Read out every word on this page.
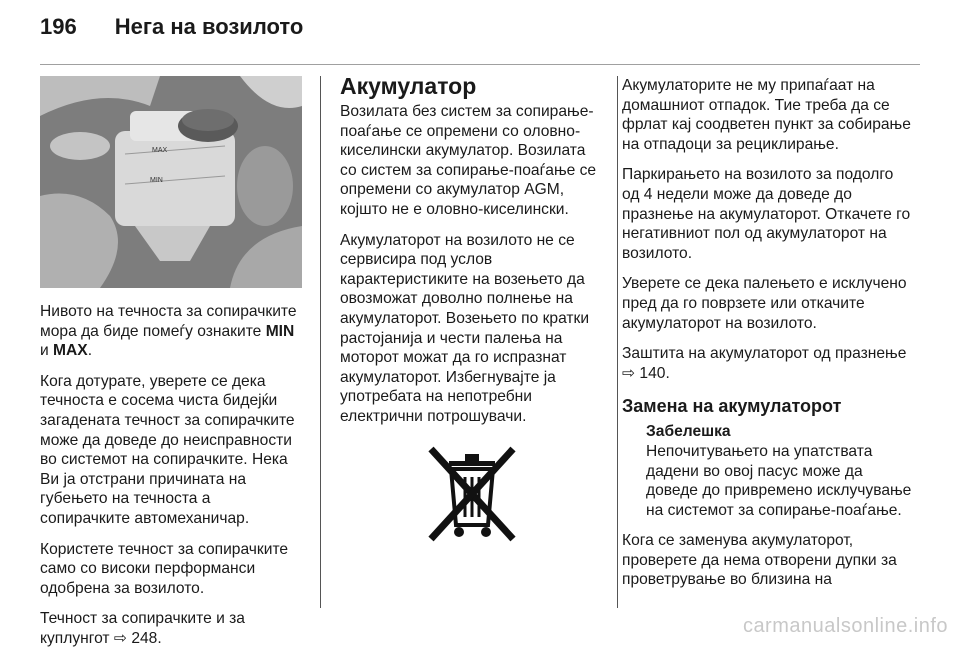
196 Нега на возилото
MAX
MIN

Нивото на течноста за сопирачките мора да биде помеѓу ознаките MIN и MAX.

Кога дотурате, уверете се дека течноста е сосема чиста бидејќи загадената течност за сопирачките може да доведе до неисправности во системот на сопирачките. Нека Ви ја отстрани причината на губењето на течноста а сопирачките автомеханичар.

Користете течност за сопирачките само со високи перформанси одобрена за возилото.

Течност за сопирачките и за куплунгот ⇨ 248.

Акумулатор

Возилата без систем за сопирање-поаѓање се опремени со оловно-киселински акумулатор. Возилата со систем за сопирање-поаѓање се опремени со акумулатор AGM, којшто не е оловно-киселински.

Акумулаторот на возилото не се сервисира под услов карактеристиките на возењето да овозможат доволно полнење на акумулаторот. Возењето по кратки растојанија и чести палења на моторот можат да го испразнат акумулаторот. Избегнувајте ја употребата на непотребни електрични потрошувачи.

Акумулаторите не му припаѓаат на домашниот отпадок. Тие треба да се фрлат кај соодветен пункт за собирање на отпадоци за рециклирање.

Паркирањето на возилото за подолго од 4 недели може да доведе до празнење на акумулаторот. Откачете го негативниот пол од акумулаторот на возилото.

Уверете се дека палењето е исклучено пред да го поврзете или откачите акумулаторот на возилото.

Заштита на акумулаторот од празнење ⇨ 140.

Замена на акумулаторот
Забелешка

Непочитувањето на упатствата дадени во овој пасус може да доведе до привремено исклучување на системот за сопирање-поаѓање.

Кога се заменува акумулаторот, проверете да нема отворени дупки за проветрување во близина на

carmanualsonline.info
